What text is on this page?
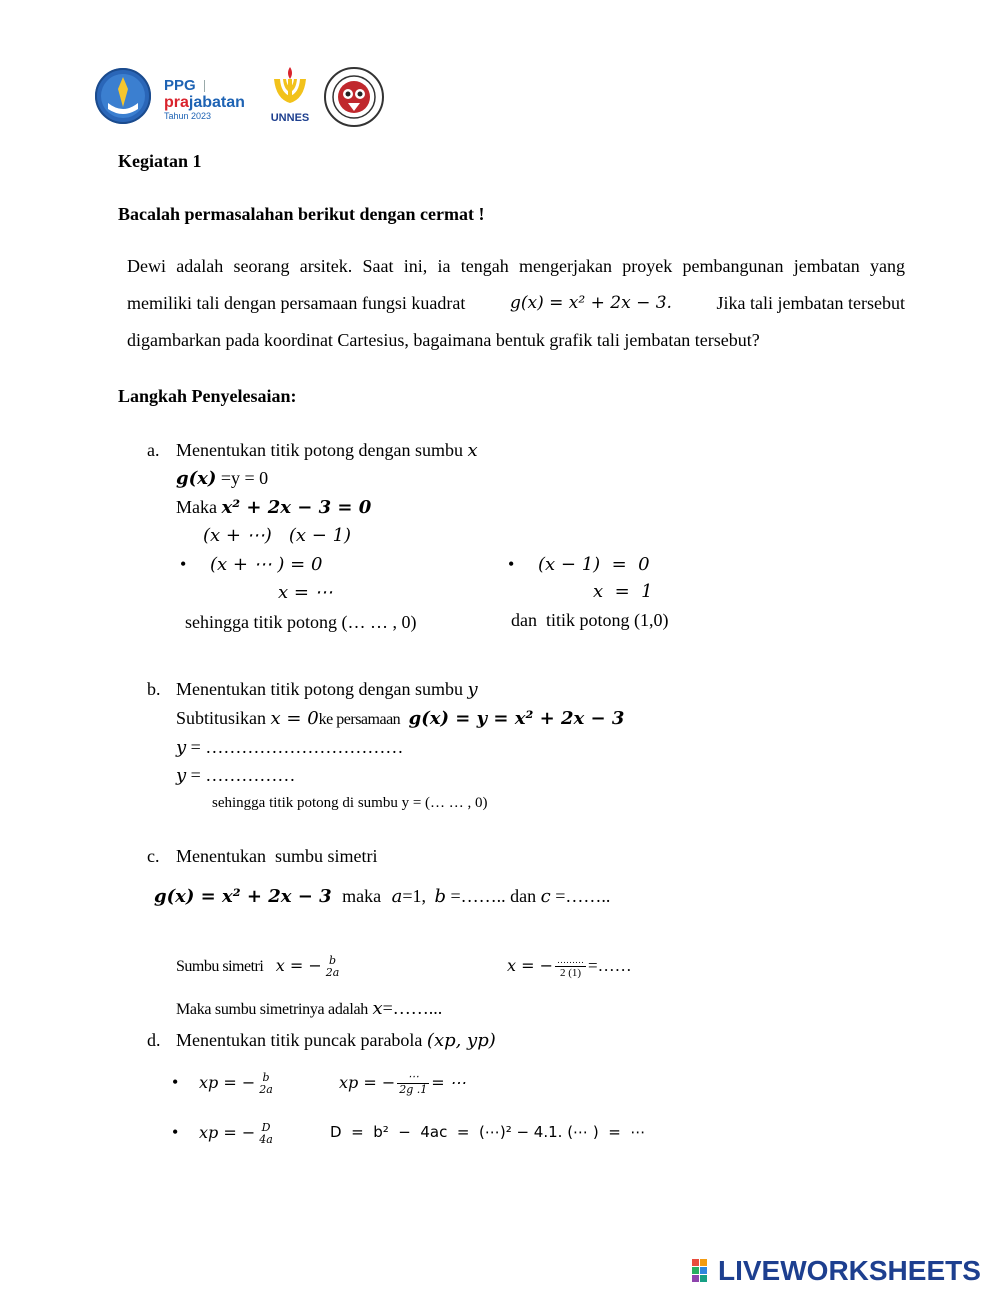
PPG
prajabatan
Tahun 2023	UNNES
Kegiatan 1
Bacalah permasalahan berikut dengan cermat !
Dewi adalah seorang arsitek. Saat ini, ia tengah mengerjakan proyek pembangunan jembatan yang
memiliki tali dengan persamaan fungsi kuadrat	g(x) = x² + 2x − 3. Jika tali jembatan tersebut
digambarkan pada koordinat Cartesius, bagaimana bentuk grafik tali jembatan tersebut?
Langkah Penyelesaian:
a. Menentukan titik potong dengan sumbu x
g(x) =y = 0
Maka x² + 2x − 3 = 0
(x + ⋯)   (x − 1)
• (x + ⋯ ) = 0
x = ⋯
sehingga titik potong (… … , 0)
• (x − 1)  =  0
x  =  1
dan  titik potong (1,0)
b. Menentukan titik potong dengan sumbu y
Subtitusikan x = 0ke persamaan g(x) = y = x² + 2x − 3
y = ……………………………
y = ……………
sehingga titik potong di sumbu y = (… … , 0)
c. Menentukan  sumbu simetri
g(x) = x² + 2x − 3 maka a=1, b =…….. dan c =……..
Sumbu simetri x = − b
2a	x = − $\frac{\dots\dots\dots}{2 (1)}$ =……
Maka sumbu simetrinya adalah x=……...
d. Menentukan titik puncak parabola (xp, yp)
• xp = − b
2a	xp = − $\frac{\cdots}{2g .1}$ = ⋯
• xp = − D
4a	D  =  b²  −  4ac  =  (⋯)² − 4.1. (⋯ )  =  ⋯
LIVEWORKSHEETS
